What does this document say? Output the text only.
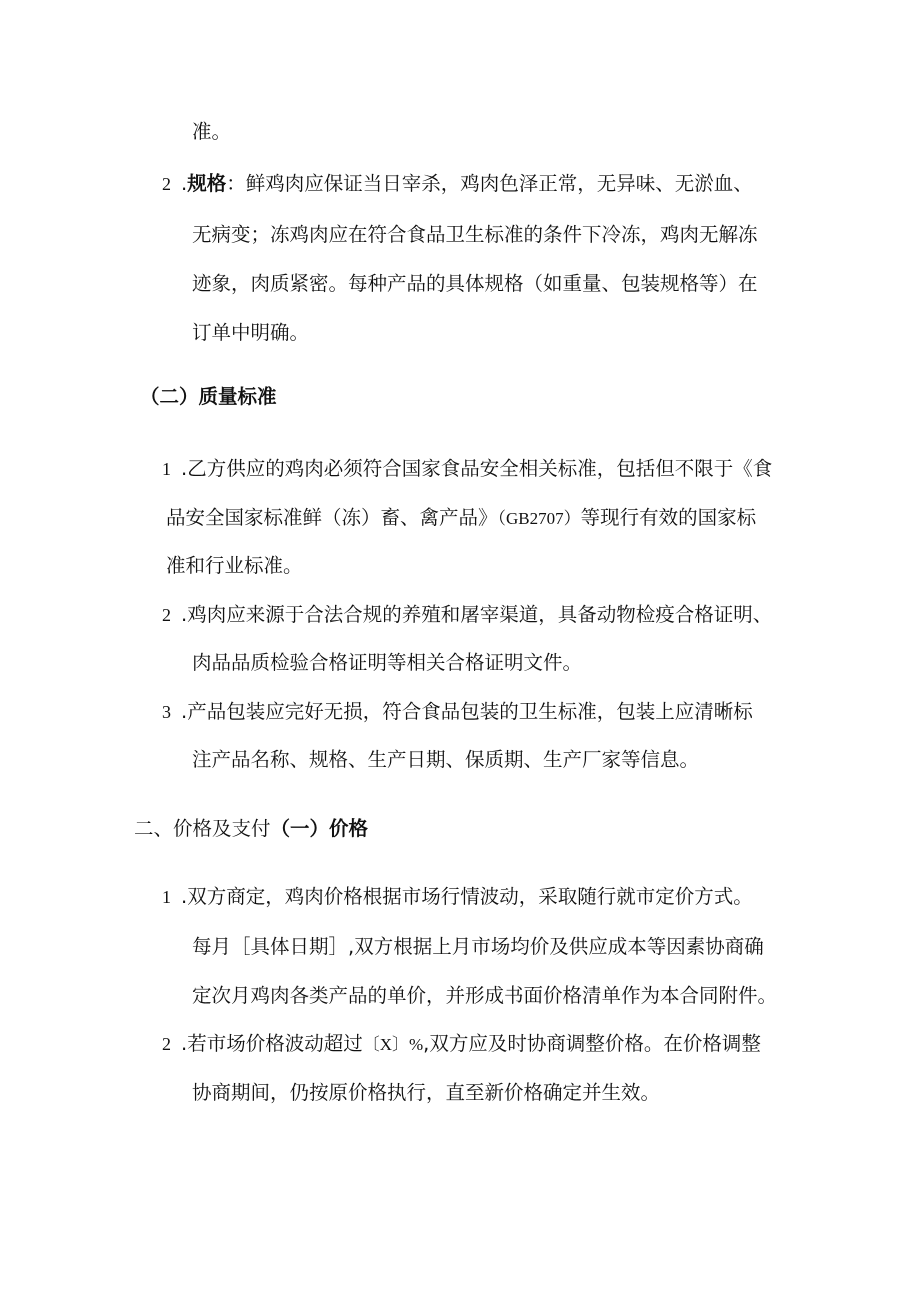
准。
2 .规格：鲜鸡肉应保证当日宰杀，鸡肉色泽正常，无异味、无淤血、
无病变；冻鸡肉应在符合食品卫生标准的条件下冷冻，鸡肉无解冻
迹象，肉质紧密。每种产品的具体规格（如重量、包装规格等）在
订单中明确。
（二）质量标准
1 .乙方供应的鸡肉必须符合国家食品安全相关标准，包括但不限于《食
品安全国家标准鲜（冻）畜、禽产品》（GB2707）等现行有效的国家标
准和行业标准。
2 .鸡肉应来源于合法合规的养殖和屠宰渠道，具备动物检疫合格证明、
肉品品质检验合格证明等相关合格证明文件。
3 .产品包装应完好无损，符合食品包装的卫生标准，包装上应清晰标
注产品名称、规格、生产日期、保质期、生产厂家等信息。
二、价格及支付（一）价格
1 .双方商定，鸡肉价格根据市场行情波动，采取随行就市定价方式。
每月［具体日期］,双方根据上月市场均价及供应成本等因素协商确
定次月鸡肉各类产品的单价，并形成书面价格清单作为本合同附件。
2 .若市场价格波动超过〔X〕%,双方应及时协商调整价格。在价格调整
协商期间，仍按原价格执行，直至新价格确定并生效。
